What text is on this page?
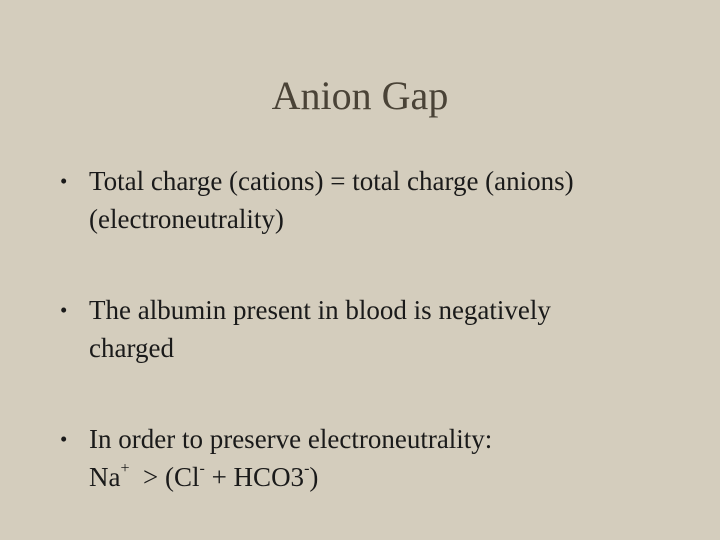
Anion Gap
• Total charge (cations) = total charge (anions)
(electroneutrality)
• The albumin present in blood is negatively
charged
• In order to preserve electroneutrality:
Na+  > (Cl- + HCO3-)
